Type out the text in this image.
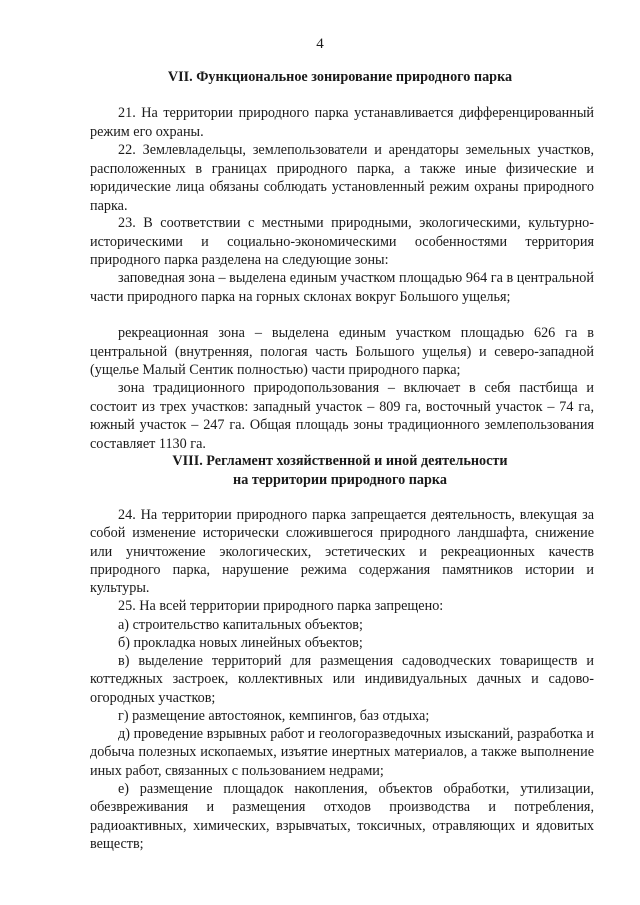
4
VII. Функциональное зонирование природного парка

21. На территории природного парка устанавливается дифференцированный режим его охраны.

22. Землевладельцы, землепользователи и арендаторы земельных участков, расположенных в границах природного парка, а также иные физические и юридические лица обязаны соблюдать установленный режим охраны природного парка.

23. В соответствии с местными природными, экологическими, культурно-историческими и социально-экономическими особенностями территория природного парка разделена на следующие зоны:

заповедная зона – выделена единым участком площадью 964 га в центральной части природного парка на горных склонах вокруг Большого ущелья;

рекреационная зона – выделена единым участком площадью 626 га в центральной (внутренняя, пологая часть Большого ущелья) и северо-западной (ущелье Малый Сентик полностью) части природного парка;

зона традиционного природопользования – включает в себя пастбища и состоит из трех участков: западный участок – 809 га, восточный участок – 74 га, южный участок – 247 га. Общая площадь зоны традиционного землепользования составляет 1130 га.

VIII. Регламент хозяйственной и иной деятельности
на территории природного парка

24. На территории природного парка запрещается деятельность, влекущая за собой изменение исторически сложившегося природного ландшафта, снижение или уничтожение экологических, эстетических и рекреационных качеств природного парка, нарушение режима содержания памятников истории и культуры.

25. На всей территории природного парка запрещено:

а) строительство капитальных объектов;

б) прокладка новых линейных объектов;

в) выделение территорий для размещения садоводческих товариществ и коттеджных застроек, коллективных или индивидуальных дачных и садово-огородных участков;

г) размещение автостоянок, кемпингов, баз отдыха;

д) проведение взрывных работ и геологоразведочных изысканий, разработка и добыча полезных ископаемых, изъятие инертных материалов, а также выполнение иных работ, связанных с пользованием недрами;

е) размещение площадок накопления, объектов обработки, утилизации, обезвреживания и размещения отходов производства и потребления, радиоактивных, химических, взрывчатых, токсичных, отравляющих и ядовитых веществ;
